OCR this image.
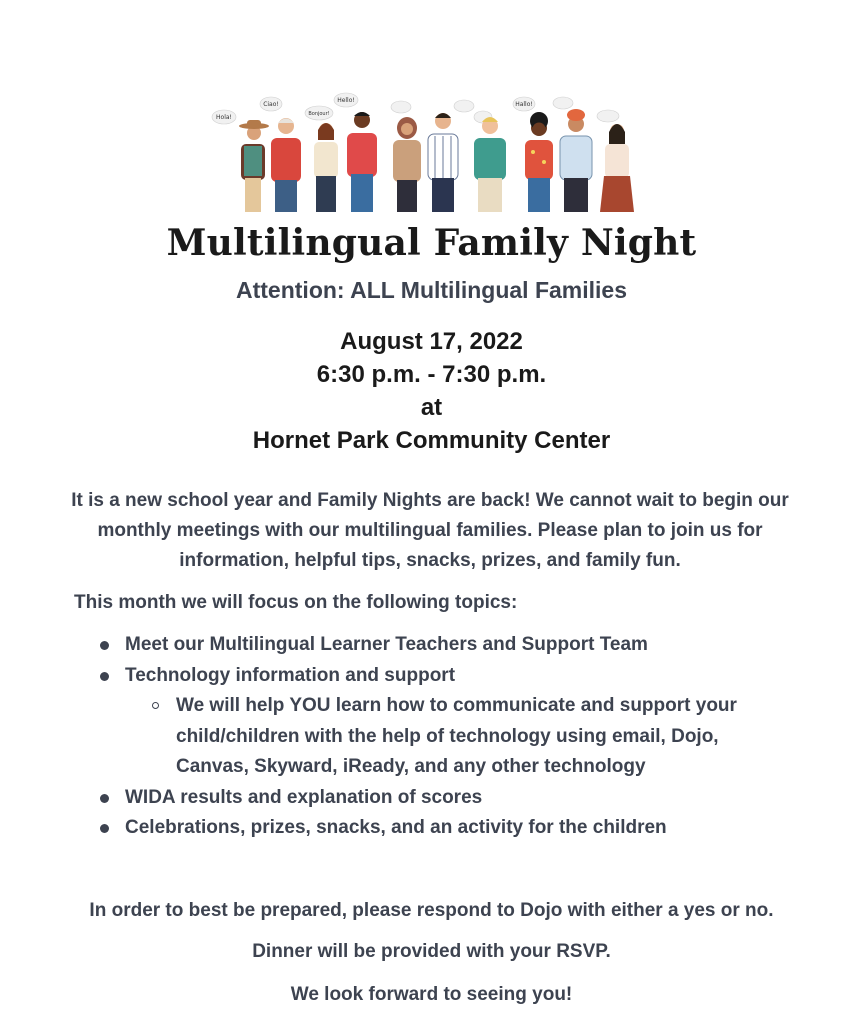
Hola!
Ciao!
Bonjour!
Hello!
Hallo!
Multilingual Family Night
Attention: ALL Multilingual Families
August 17, 2022
6:30 p.m. - 7:30 p.m.
at
Hornet Park Community Center
It is a new school year and Family Nights are back! We cannot wait to begin our monthly meetings with our multilingual families. Please plan to join us for information, helpful tips, snacks, prizes, and family fun.
This month we will focus on the following topics:
Meet our Multilingual Learner Teachers and Support Team
Technology information and support
We will help YOU learn how to communicate and support your child/children with the help of technology using email, Dojo, Canvas, Skyward, iReady, and any other technology
WIDA results and explanation of scores
Celebrations, prizes, snacks, and an activity for the children
In order to best be prepared, please respond to Dojo with either a yes or no.
Dinner will be provided with your RSVP.
We look forward to seeing you!
